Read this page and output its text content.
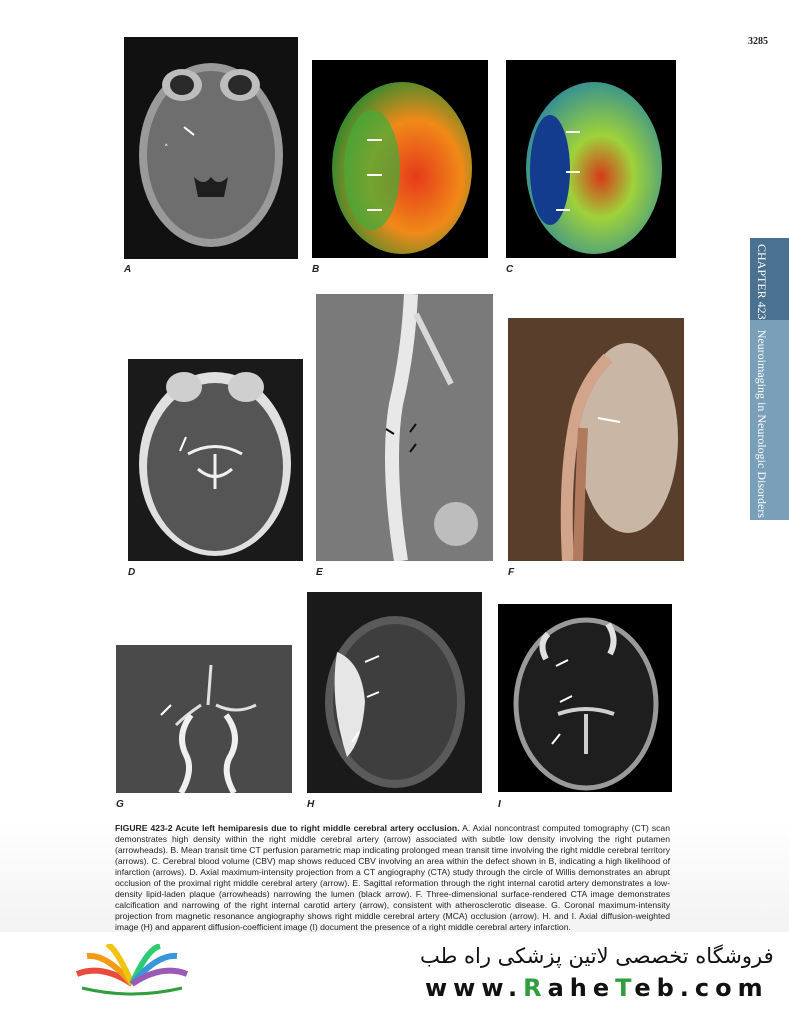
3285
CHAPTER 423Neuroimaging in Neurologic Disorders
˄
A	B	C
D	E	F
G	H	I
FIGURE 423-2 Acute left hemiparesis due to right middle cerebral artery occlusion. A. Axial noncontrast computed tomography (CT) scan demonstrates high density within the right middle cerebral artery (arrow) associated with subtle low density involving the right putamen (arrowheads). B. Mean transit time CT perfusion parametric map indicating prolonged mean transit time involving the right middle cerebral territory (arrows). C. Cerebral blood volume (CBV) map shows reduced CBV involving an area within the defect shown in B, indicating a high likelihood of infarction (arrows). D. Axial maximum-intensity projection from a CT angiography (CTA) study through the circle of Willis demonstrates an abrupt occlusion of the proximal right middle cerebral artery (arrow). E. Sagittal reformation through the right internal carotid artery demonstrates a low-density lipid-laden plaque (arrowheads) narrowing the lumen (black arrow). F. Three-dimensional surface-rendered CTA image demonstrates calcification and narrowing of the right internal carotid artery (arrow), consistent with atherosclerotic disease. G. Coronal maximum-intensity projection from magnetic resonance angiography shows right middle cerebral artery (MCA) occlusion (arrow). H. and I. Axial diffusion-weighted image (H) and apparent diffusion-coefficient image (I) document the presence of a right middle cerebral artery infarction.
فروشگاه تخصصی لاتین پزشکی راه طب
www.RaheTeb.com
